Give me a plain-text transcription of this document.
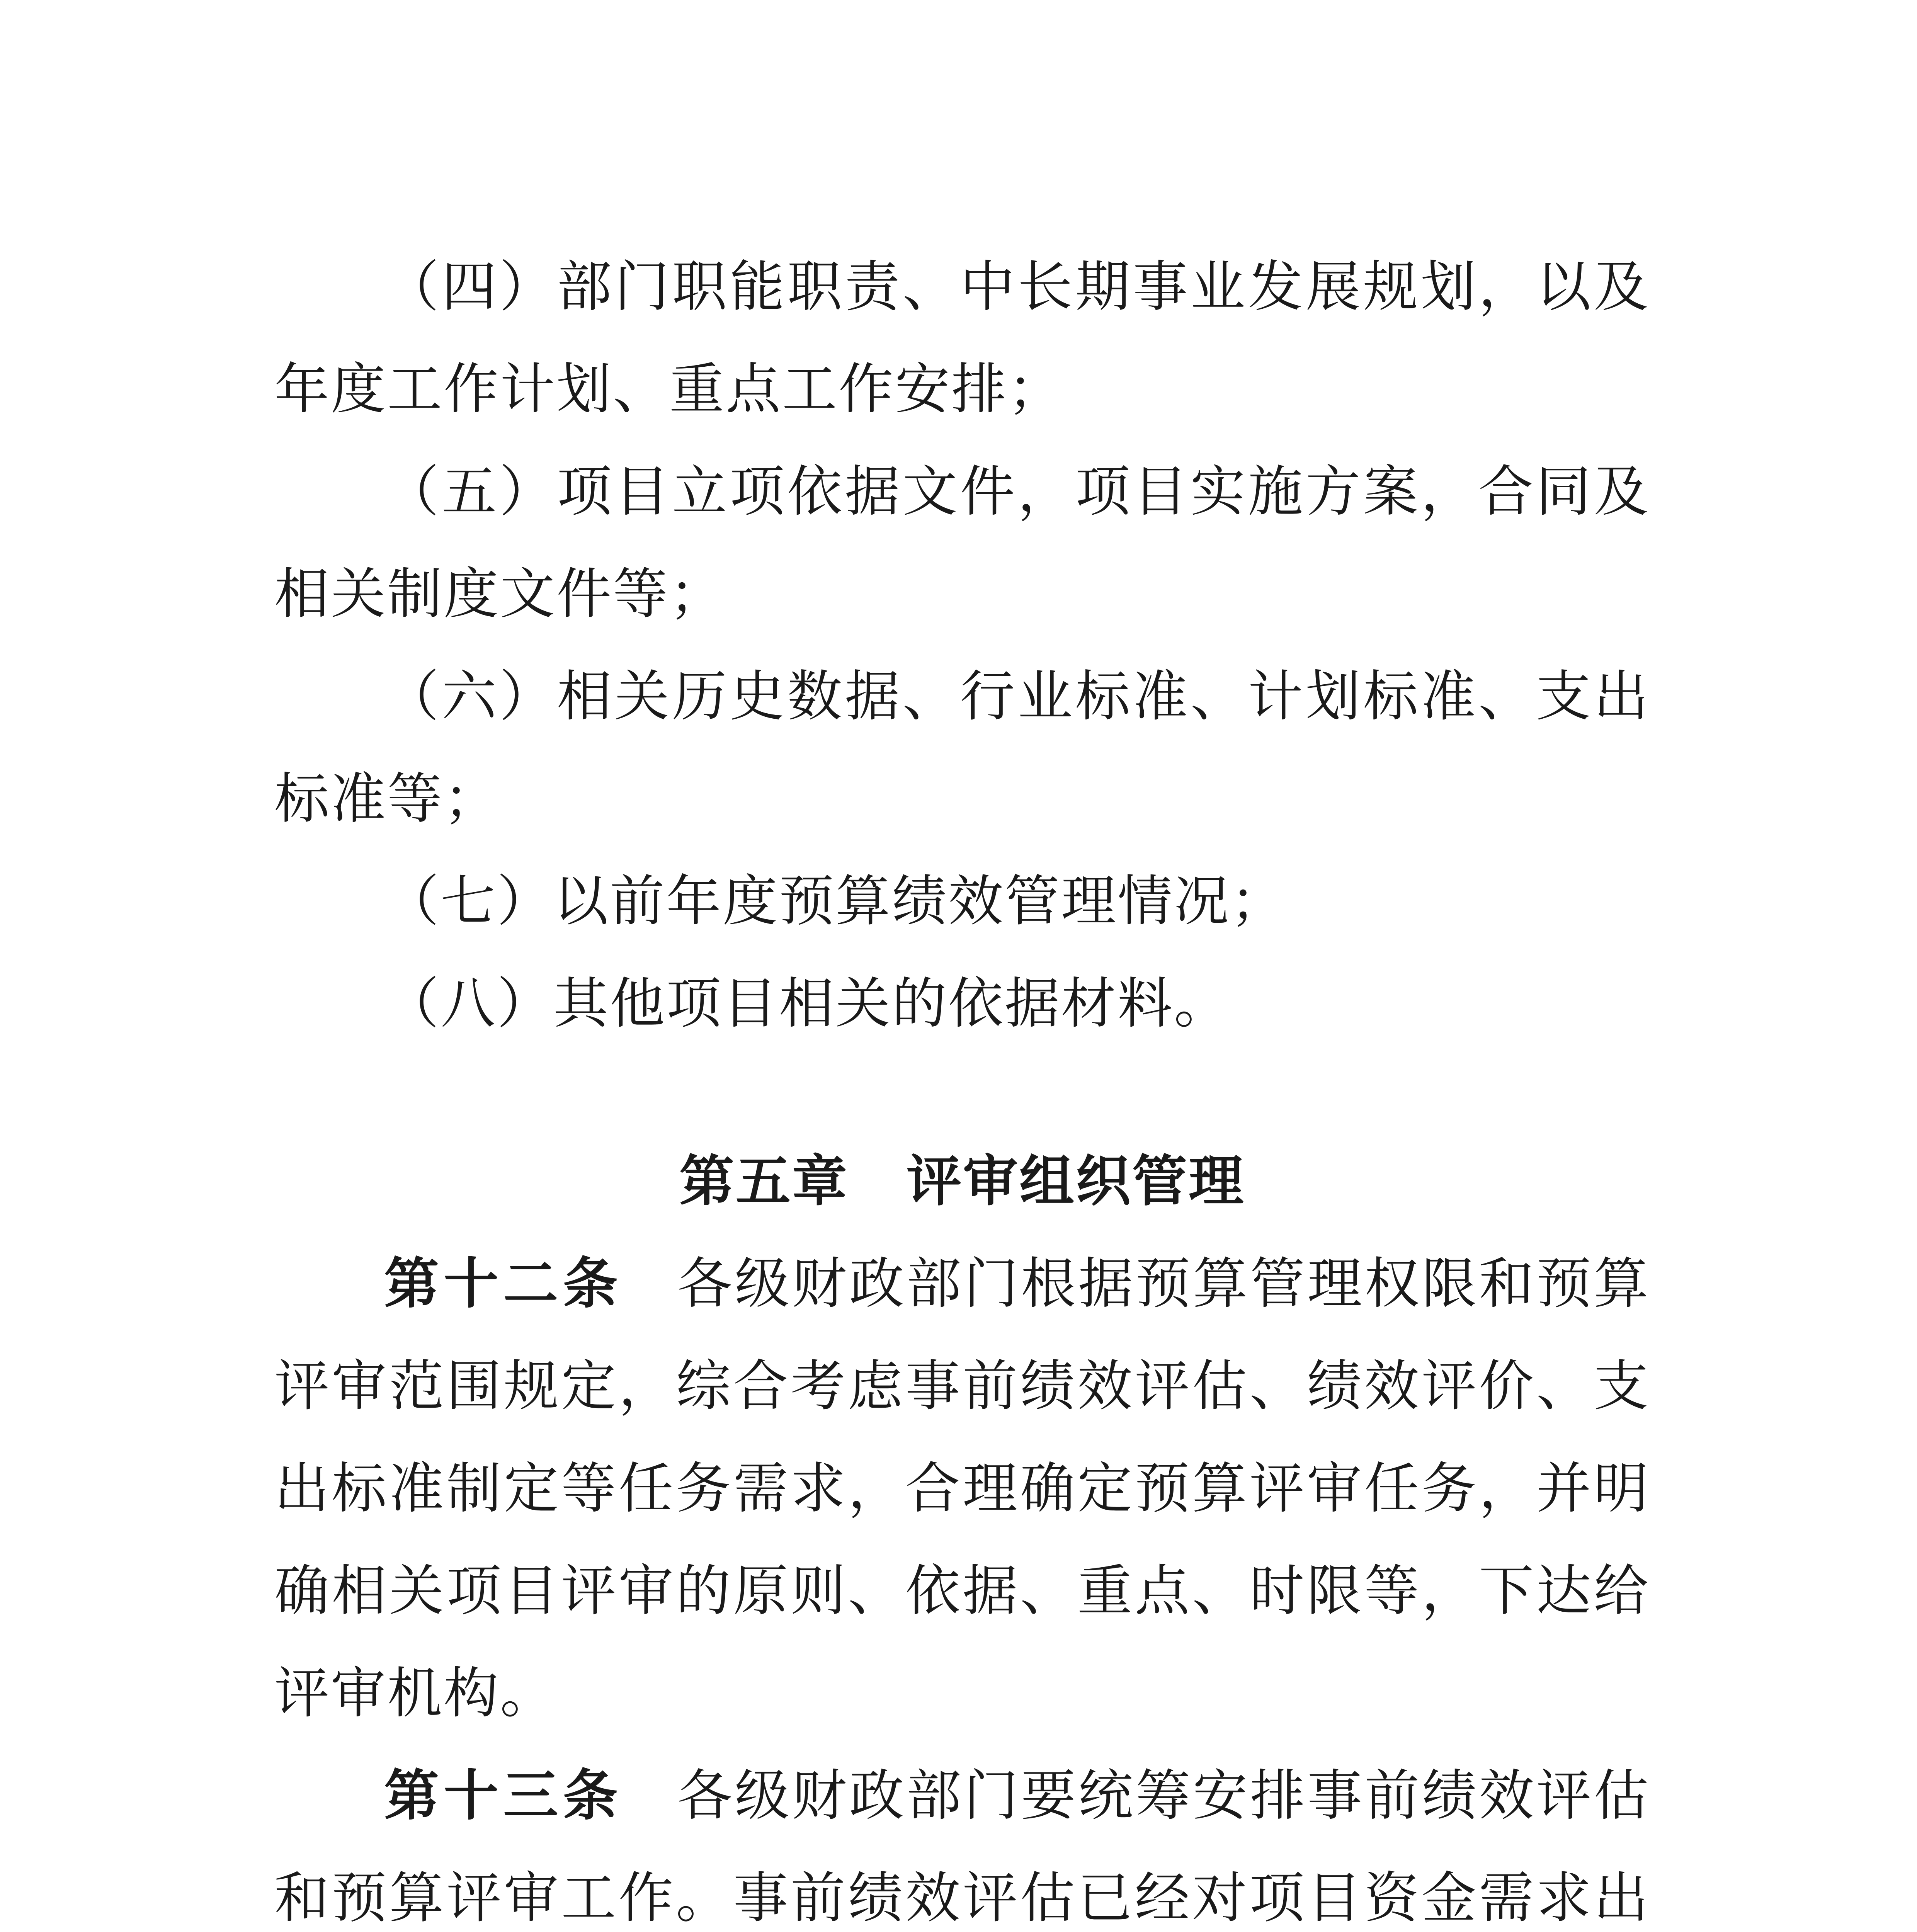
（四）部门职能职责、中长期事业发展规划，以及年度工作计划、重点工作安排；

（五）项目立项依据文件，项目实施方案，合同及相关制度文件等；

（六）相关历史数据、行业标准、计划标准、支出标准等；

（七）以前年度预算绩效管理情况；

（八）其他项目相关的依据材料。

第五章 评审组织管理

第十二条 各级财政部门根据预算管理权限和预算评审范围规定，综合考虑事前绩效评估、绩效评价、支出标准制定等任务需求，合理确定预算评审任务，并明确相关项目评审的原则、依据、重点、时限等，下达给评审机构。

第十三条 各级财政部门要统筹安排事前绩效评估和预算评审工作。事前绩效评估已经对项目资金需求出
